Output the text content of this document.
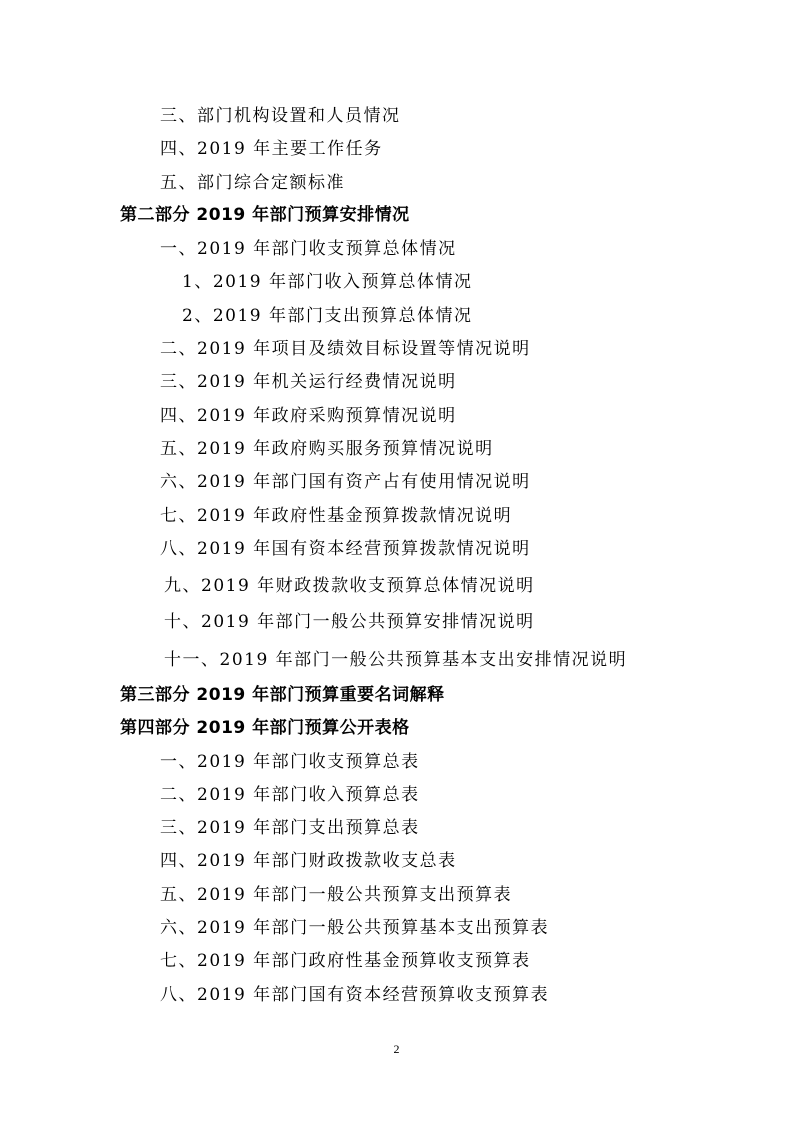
三、部门机构设置和人员情况
四、2019 年主要工作任务
五、部门综合定额标准
第二部分 2019 年部门预算安排情况
一、2019 年部门收支预算总体情况
1、2019 年部门收入预算总体情况
2、2019 年部门支出预算总体情况
二、2019 年项目及绩效目标设置等情况说明
三、2019 年机关运行经费情况说明
四、2019 年政府采购预算情况说明
五、2019 年政府购买服务预算情况说明
六、2019 年部门国有资产占有使用情况说明
七、2019 年政府性基金预算拨款情况说明
八、2019 年国有资本经营预算拨款情况说明
九、2019 年财政拨款收支预算总体情况说明
十、2019 年部门一般公共预算安排情况说明
十一、2019 年部门一般公共预算基本支出安排情况说明
第三部分 2019 年部门预算重要名词解释
第四部分 2019 年部门预算公开表格
一、2019 年部门收支预算总表
二、2019 年部门收入预算总表
三、2019 年部门支出预算总表
四、2019 年部门财政拨款收支总表
五、2019 年部门一般公共预算支出预算表
六、2019 年部门一般公共预算基本支出预算表
七、2019 年部门政府性基金预算收支预算表
八、2019 年部门国有资本经营预算收支预算表
2
